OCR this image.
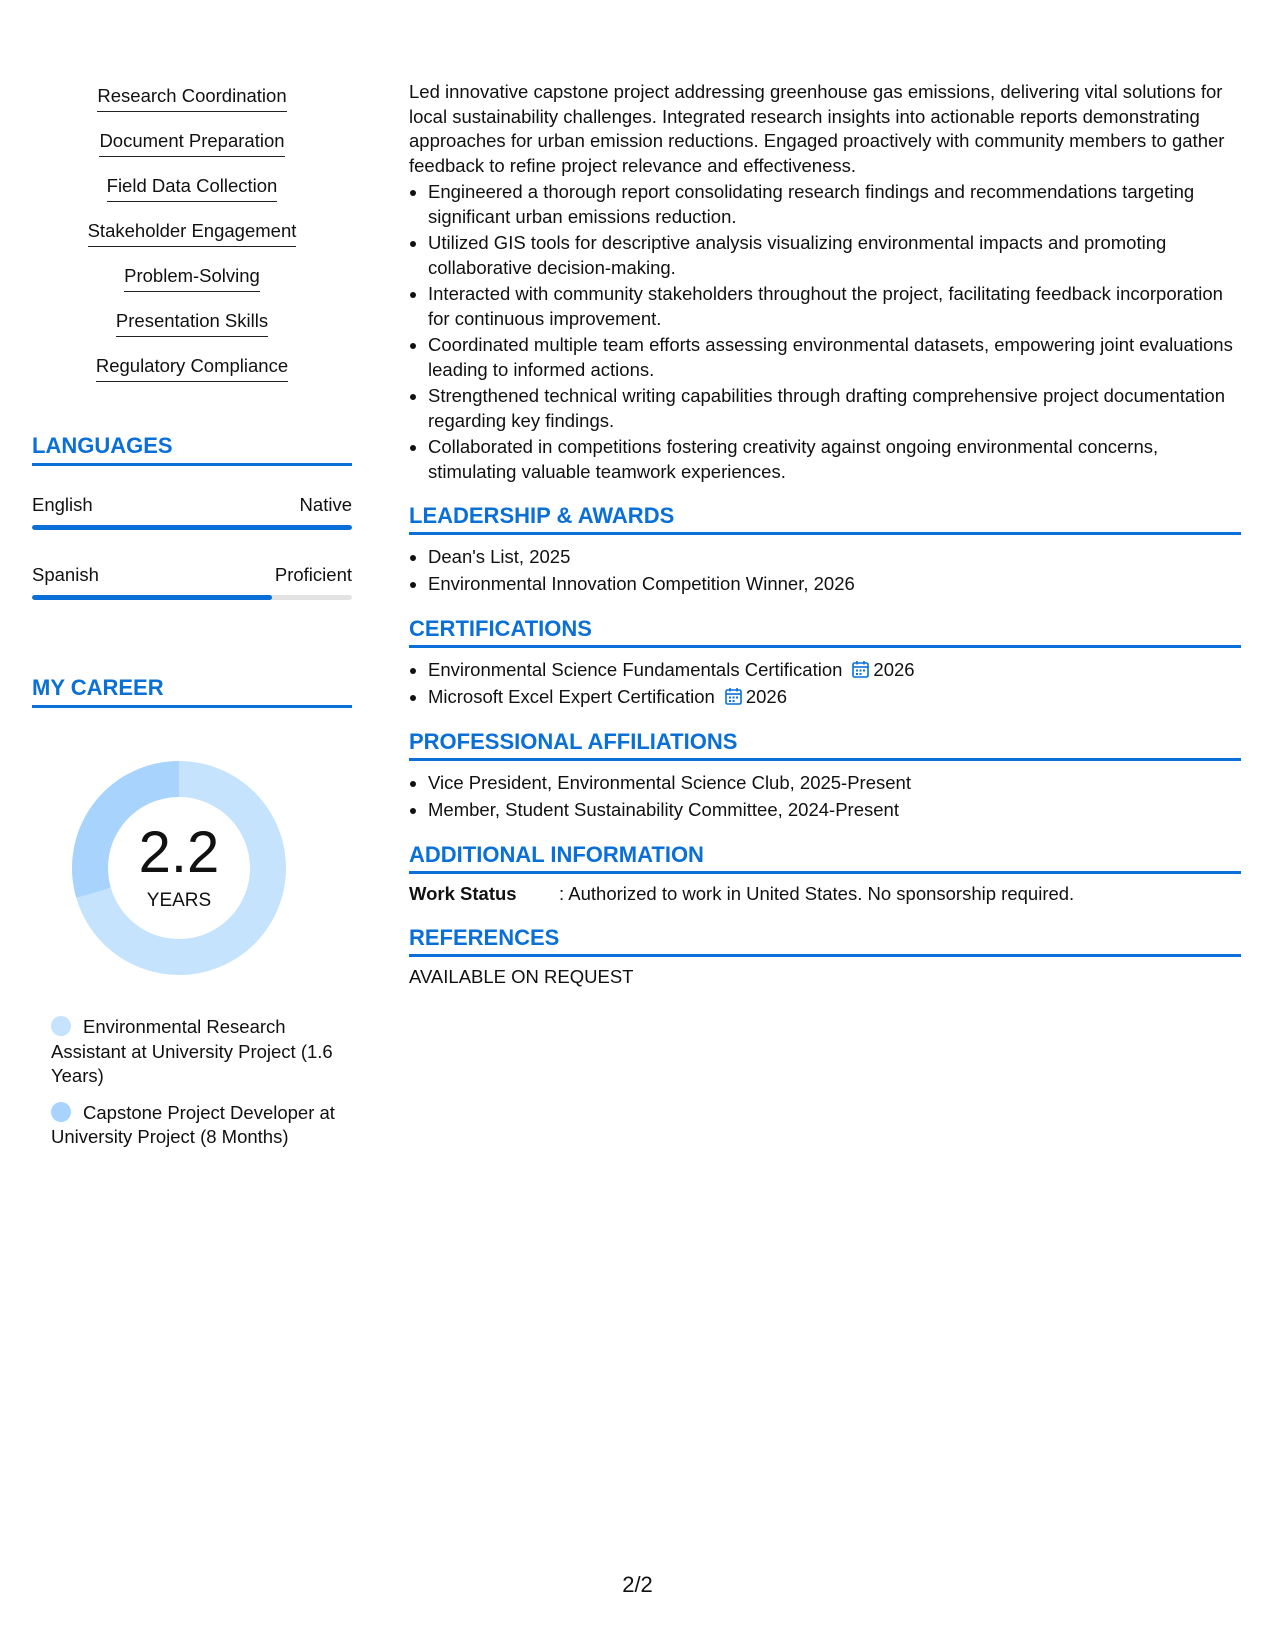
Research Coordination
Document Preparation
Field Data Collection
Stakeholder Engagement
Problem-Solving
Presentation Skills
Regulatory Compliance
LANGUAGES
English	Native
Spanish	Proficient
MY CAREER
2.2
YEARS
Environmental Research Assistant at University Project (1.6 Years)
Capstone Project Developer at University Project (8 Months)

Led innovative capstone project addressing greenhouse gas emissions, delivering vital solutions for local sustainability challenges. Integrated research insights into actionable reports demonstrating approaches for urban emission reductions. Engaged proactively with community members to gather feedback to refine project relevance and effectiveness.

• Engineered a thorough report consolidating research findings and recommendations targeting significant urban emissions reduction.
• Utilized GIS tools for descriptive analysis visualizing environmental impacts and promoting collaborative decision-making.
• Interacted with community stakeholders throughout the project, facilitating feedback incorporation for continuous improvement.
• Coordinated multiple team efforts assessing environmental datasets, empowering joint evaluations leading to informed actions.
• Strengthened technical writing capabilities through drafting comprehensive project documentation regarding key findings.
• Collaborated in competitions fostering creativity against ongoing environmental concerns, stimulating valuable teamwork experiences.
LEADERSHIP & AWARDS
• Dean's List, 2025
• Environmental Innovation Competition Winner, 2026
CERTIFICATIONS
• Environmental Science Fundamentals Certification 2026
• Microsoft Excel Expert Certification 2026
PROFESSIONAL AFFILIATIONS
• Vice President, Environmental Science Club, 2025-Present
• Member, Student Sustainability Committee, 2024-Present
ADDITIONAL INFORMATION
Work Status	: Authorized to work in United States. No sponsorship required.
REFERENCES
AVAILABLE ON REQUEST
2/2
